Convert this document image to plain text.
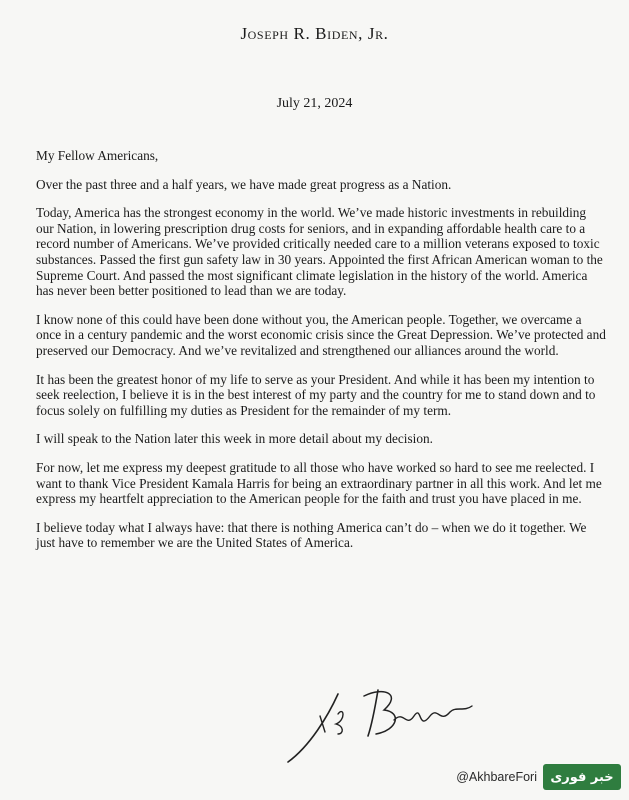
Joseph R. Biden, Jr.
July 21, 2024

My Fellow Americans,

Over the past three and a half years, we have made great progress as a Nation.

Today, America has the strongest economy in the world. We’ve made historic investments in rebuilding our Nation, in lowering prescription drug costs for seniors, and in expanding affordable health care to a record number of Americans. We’ve provided critically needed care to a million veterans exposed to toxic substances. Passed the first gun safety law in 30 years. Appointed the first African American woman to the Supreme Court. And passed the most significant climate legislation in the history of the world. America has never been better positioned to lead than we are today.

I know none of this could have been done without you, the American people. Together, we overcame a once in a century pandemic and the worst economic crisis since the Great Depression. We’ve protected and preserved our Democracy. And we’ve revitalized and strengthened our alliances around the world.

It has been the greatest honor of my life to serve as your President. And while it has been my intention to seek reelection, I believe it is in the best interest of my party and the country for me to stand down and to focus solely on fulfilling my duties as President for the remainder of my term.

I will speak to the Nation later this week in more detail about my decision.

For now, let me express my deepest gratitude to all those who have worked so hard to see me reelected. I want to thank Vice President Kamala Harris for being an extraordinary partner in all this work. And let me express my heartfelt appreciation to the American people for the faith and trust you have placed in me.

I believe today what I always have: that there is nothing America can’t do – when we do it together. We just have to remember we are the United States of America.

@AkhbareFori	خبر فوری
